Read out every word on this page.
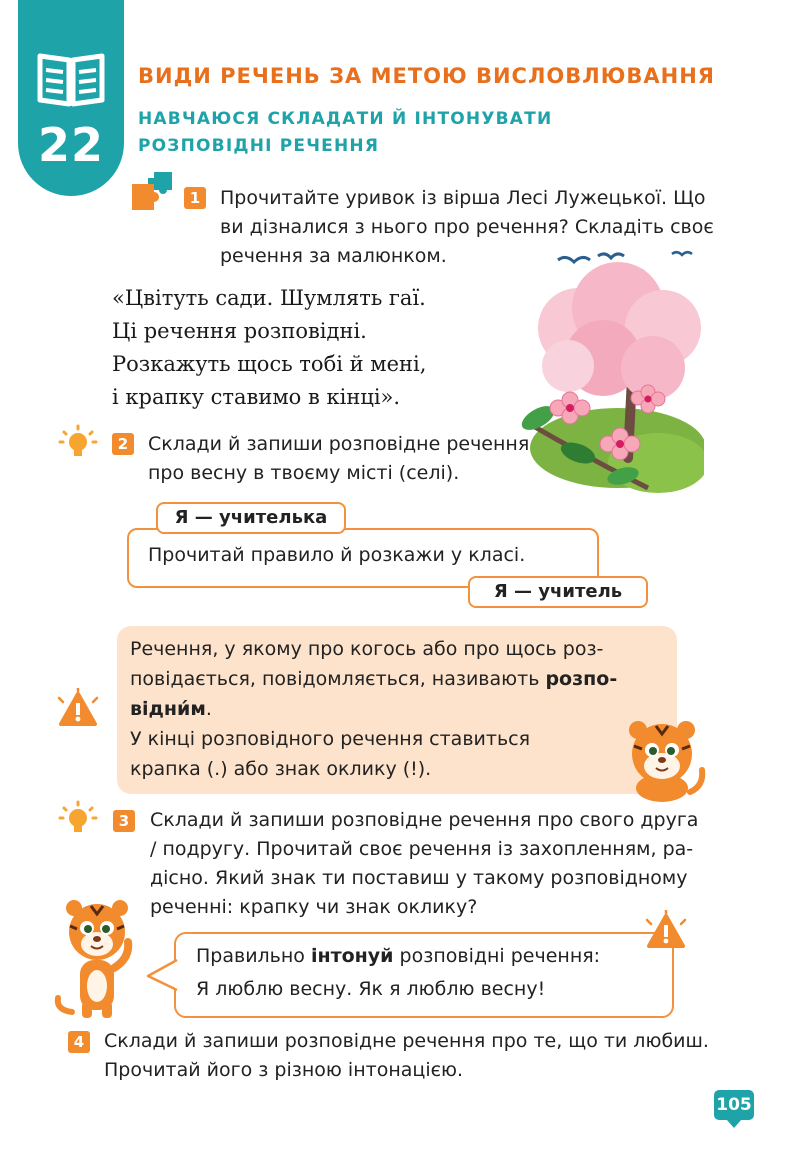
22
ВИДИ РЕЧЕНЬ ЗА МЕТОЮ ВИСЛОВЛЮВАННЯ
НАВЧАЮСЯ СКЛАДАТИ Й ІНТОНУВАТИ
РОЗПОВІДНІ РЕЧЕННЯ
1	Прочитайте уривок із вірша Лесі Лужецької. Що
ви дізналися з нього про речення? Складіть своє
речення за малюнком.
«Цвітуть сади. Шумлять гаї.
Ці речення розповідні.
Розкажуть щось тобі й мені,
і крапку ставимо в кінці».
2	Склади й запиши розповідне речення
про весну в твоєму місті (селі).
Я — учителька
Прочитай правило й розкажи у класі.
Я — учитель
Речення, у якому про когось або про щось роз-
повідається, повідомляється, називають розпо-
відни́м.
У кінці розповідного речення ставиться
крапка (.) або знак оклику (!).
3	Склади й запиши розповідне речення про свого друга
/ подругу. Прочитай своє речення із захопленням, ра-
дісно. Який знак ти поставиш у такому розповідному
реченні: крапку чи знак оклику?
Правильно інтонуй розповідні речення:
Я люблю весну. Як я люблю весну!
4	Склади й запиши розповідне речення про те, що ти любиш.
Прочитай його з різною інтонацією.
105
